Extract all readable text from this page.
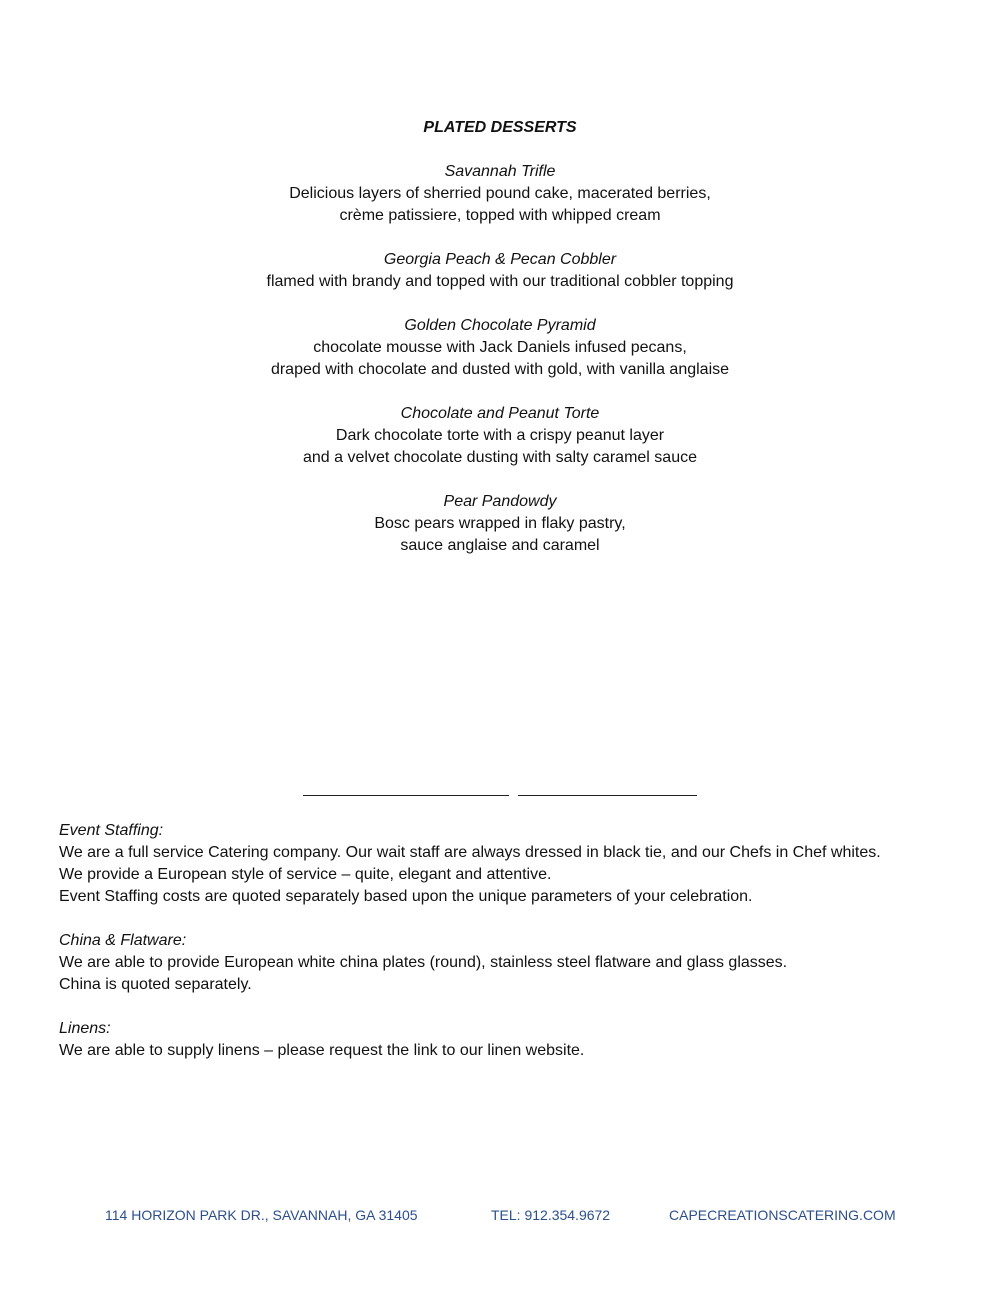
PLATED DESSERTS
Savannah Trifle
Delicious layers of sherried pound cake, macerated berries,
crème patissiere, topped with whipped cream
Georgia Peach & Pecan Cobbler
flamed with brandy and topped with our traditional cobbler topping
Golden Chocolate Pyramid
chocolate mousse with Jack Daniels infused pecans,
draped with chocolate and dusted with gold, with vanilla anglaise
Chocolate and Peanut Torte
Dark chocolate torte with a crispy peanut layer
and a velvet chocolate dusting with salty caramel sauce
Pear Pandowdy
Bosc pears wrapped in flaky pastry,
sauce anglaise and caramel
Event Staffing:
We are a full service Catering company. Our wait staff are always dressed in black tie, and our Chefs in Chef whites.
We provide a European style of service – quite, elegant and attentive.
Event Staffing costs are quoted separately based upon the unique parameters of your celebration.
China & Flatware:
We are able to provide European white china plates (round), stainless steel flatware and glass glasses.
China is quoted separately.
Linens:
We are able to supply linens – please request the link to our linen website.
114 HORIZON PARK DR., SAVANNAH, GA 31405	TEL: 912.354.9672	CAPECREATIONSCATERING.COM
